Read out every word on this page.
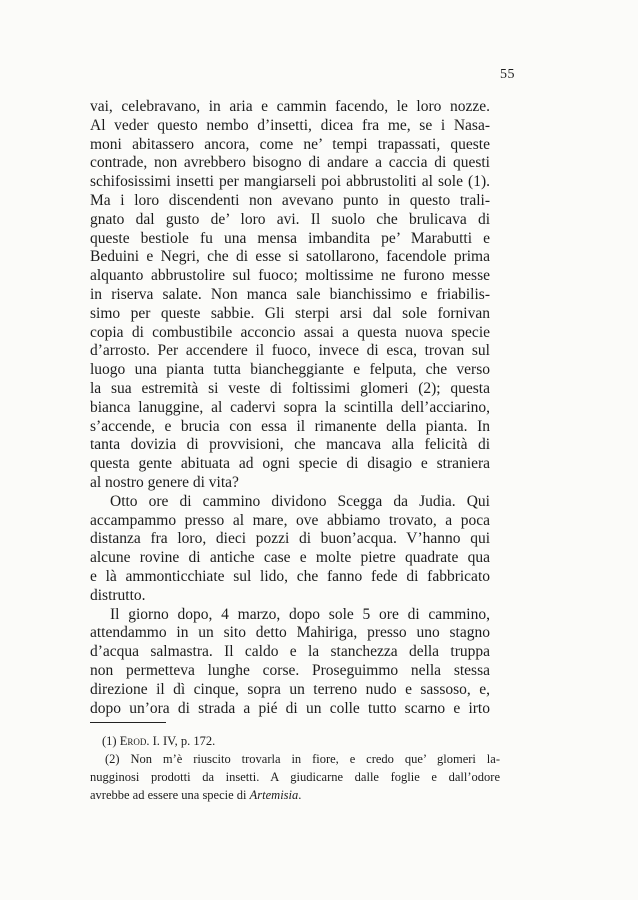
55
vai, celebravano, in aria e cammin facendo, le loro nozze.
Al veder questo nembo d’insetti, dicea fra me, se i Nasa-
moni abitassero ancora, come ne’ tempi trapassati, queste
contrade, non avrebbero bisogno di andare a caccia di questi
schifosissimi insetti per mangiarseli poi abbrustoliti al sole (1).
Ma i loro discendenti non avevano punto in questo trali-
gnato dal gusto de’ loro avi. Il suolo che brulicava di
queste bestiole fu una mensa imbandita pe’ Marabutti e
Beduini e Negri, che di esse si satollarono, facendole prima
alquanto abbrustolire sul fuoco; moltissime ne furono messe
in riserva salate. Non manca sale bianchissimo e friabilis-
simo per queste sabbie. Gli sterpi arsi dal sole fornivan
copia di combustibile acconcio assai a questa nuova specie
d’arrosto. Per accendere il fuoco, invece di esca, trovan sul
luogo una pianta tutta biancheggiante e felputa, che verso
la sua estremità si veste di foltissimi glomeri (2); questa
bianca lanuggine, al cadervi sopra la scintilla dell’acciarino,
s’accende, e brucia con essa il rimanente della pianta. In
tanta dovizia di provvisioni, che mancava alla felicità di
questa gente abituata ad ogni specie di disagio e straniera
al nostro genere di vita?
Otto ore di cammino dividono Scegga da Judia. Qui
accampammo presso al mare, ove abbiamo trovato, a poca
distanza fra loro, dieci pozzi di buon’acqua. V’hanno qui
alcune rovine di antiche case e molte pietre quadrate qua
e là ammonticchiate sul lido, che fanno fede di fabbricato
distrutto.
Il giorno dopo, 4 marzo, dopo sole 5 ore di cammino,
attendammo in un sito detto Mahiriga, presso uno stagno
d’acqua salmastra. Il caldo e la stanchezza della truppa
non permetteva lunghe corse. Proseguimmo nella stessa
direzione il dì cinque, sopra un terreno nudo e sassoso, e,
dopo un’ora di strada a pié di un colle tutto scarno e irto
(1) Erod. I. IV, p. 172.
(2) Non m’è riuscito trovarla in fiore, e credo que’ glomeri la-
nugginosi prodotti da insetti. A giudicarne dalle foglie e dall’odore
avrebbe ad essere una specie di Artemisia.
